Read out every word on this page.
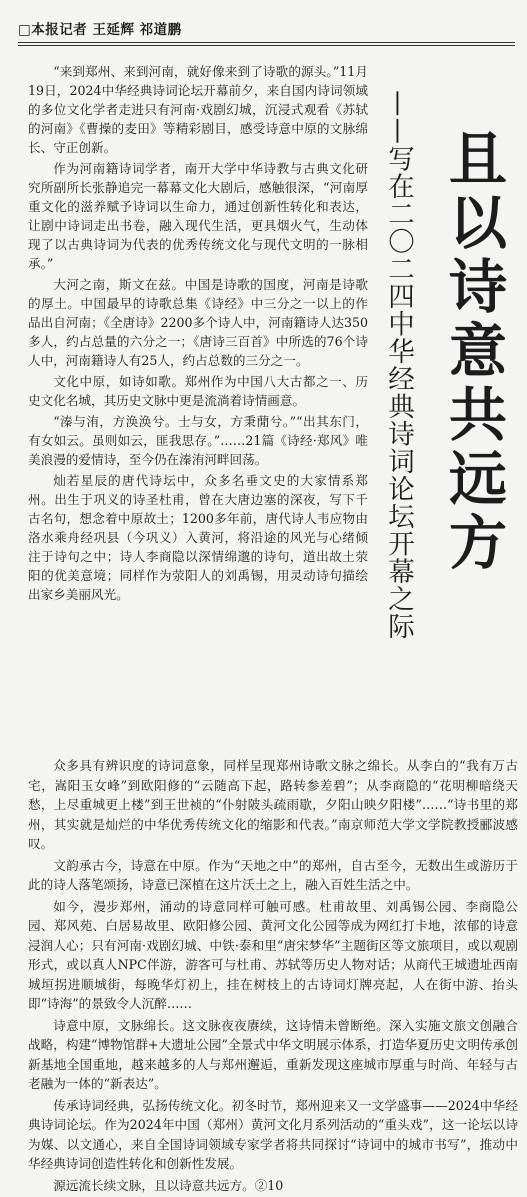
□本报记者 王延辉 祁道鹏
且以诗意共远方
——写在二〇二四中华经典诗词论坛开幕之际

“来到郑州、来到河南，就好像来到了诗歌的源头。”11月19日，2024中华经典诗词论坛开幕前夕，来自国内诗词领域的多位文化学者走进只有河南·戏剧幻城，沉浸式观看《苏轼的河南》《曹操的麦田》等精彩剧目，感受诗意中原的文脉绵长、守正创新。

作为河南籍诗词学者，南开大学中华诗教与古典文化研究所副所长张静追完一幕幕文化大剧后，感触很深，“河南厚重文化的滋养赋予诗词以生命力，通过创新性转化和表达，让剧中诗词走出书卷，融入现代生活，更具烟火气，生动体现了以古典诗词为代表的优秀传统文化与现代文明的一脉相承。”

大河之南，斯文在兹。中国是诗歌的国度，河南是诗歌的厚土。中国最早的诗歌总集《诗经》中三分之一以上的作品出自河南；《全唐诗》2200多个诗人中，河南籍诗人达350多人，约占总量的六分之一；《唐诗三百首》中所选的76个诗人中，河南籍诗人有25人，约占总数的三分之一。

文化中原，如诗如歌。郑州作为中国八大古都之一、历史文化名城，其历史文脉中更是流淌着诗情画意。

“溱与洧，方涣涣兮。士与女，方秉蕑兮。”“出其东门，有女如云。虽则如云，匪我思存。”……21篇《诗经·郑风》唯美浪漫的爱情诗，至今仍在溱洧河畔回荡。

灿若星辰的唐代诗坛中，众多名垂文史的大家情系郑州。出生于巩义的诗圣杜甫，曾在大唐边塞的深夜，写下千古名句，想念着中原故土；1200多年前，唐代诗人韦应物由洛水乘舟经巩县（今巩义）入黄河，将沿途的风光与心绪倾注于诗句之中；诗人李商隐以深情绵邈的诗句，道出故土荥阳的优美意境；同样作为荥阳人的刘禹锡，用灵动诗句描绘出家乡美丽风光。

众多具有辨识度的诗词意象，同样呈现郑州诗歌文脉之绵长。从李白的“我有万古宅，嵩阳玉女峰”到欧阳修的“云随高下起，路转参差碧”；从李商隐的“花明柳暗绕天愁，上尽重城更上楼”到王世祯的“仆射陂头疏雨歇，夕阳山映夕阳楼”……“诗书里的郑州，其实就是灿烂的中华优秀传统文化的缩影和代表。”南京师范大学文学院教授郦波感叹。

文韵承古今，诗意在中原。作为“天地之中”的郑州，自古至今，无数出生或游历于此的诗人落笔颂扬，诗意已深植在这片沃土之上，融入百姓生活之中。

如今，漫步郑州，涌动的诗意同样可触可感。杜甫故里、刘禹锡公园、李商隐公园、郑风苑、白居易故里、欧阳修公园、黄河文化公园等成为网红打卡地，浓郁的诗意浸润人心；只有河南·戏剧幻城、中铁·泰和里“唐宋梦华”主题街区等文旅项目，或以观剧形式，或以真人NPC伴游，游客可与杜甫、苏轼等历史人物对话；从商代王城遗址西南城垣拐进顺城街，每晚华灯初上，挂在树枝上的古诗词灯牌亮起，人在街中游、抬头即“诗海”的景致令人沉醉……

诗意中原，文脉绵长。这文脉夜夜赓续，这诗情未曾断绝。深入实施文旅文创融合战略，构建“博物馆群+大遗址公园”全景式中华文明展示体系，打造华夏历史文明传承创新基地全国重地，越来越多的人与郑州邂逅，重新发现这座城市厚重与时尚、年轻与古老融为一体的“新表达”。

传承诗词经典，弘扬传统文化。初冬时节，郑州迎来又一文学盛事——2024中华经典诗词论坛。作为2024年中国（郑州）黄河文化月系列活动的“重头戏”，这一论坛以诗为媒、以文通心，来自全国诗词领域专家学者将共同探讨“诗词中的城市书写”，推动中华经典诗词创造性转化和创新性发展。

源远流长续文脉，且以诗意共远方。②10
